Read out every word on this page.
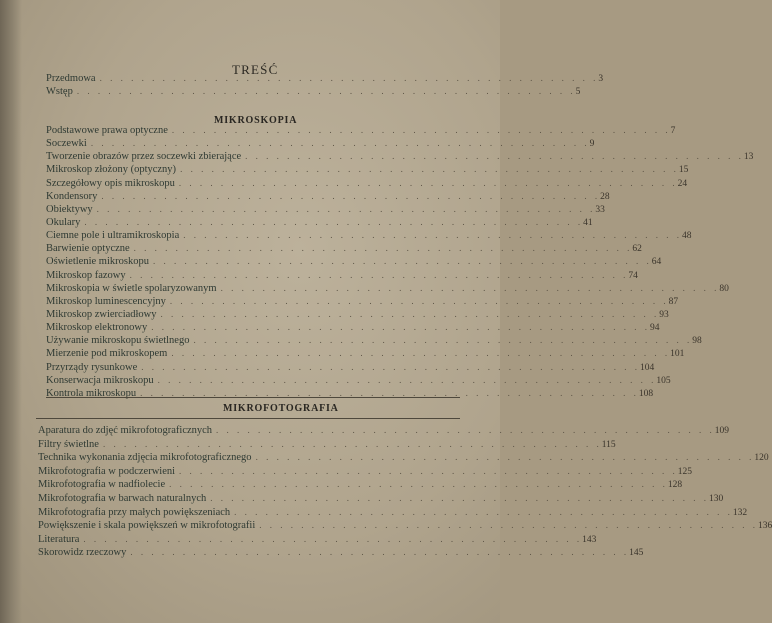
TREŚĆ
Przedmowa . . . . . . . . . . . . . . . . . . . . . . . . . . . . . . . . . . . . . . . . . . . . . . . . 3
Wstęp . . . . . . . . . . . . . . . . . . . . . . . . . . . . . . . . . . . . . . . . . . . . . . . . 5
MIKROSKOPIA
Podstawowe prawa optyczne . . . . . . . . . . . . . . . . . . . . . . . . . . . . . . . . . . . . . . . . . . . . . . . . 7
Soczewki . . . . . . . . . . . . . . . . . . . . . . . . . . . . . . . . . . . . . . . . . . . . . . . . 9
Tworzenie obrazów przez soczewki zbierające . . . . . . . . . . . . . . . . . . . . . . . . . . . . . . . . . . . . . . . . . . . . . . . . 13
Mikroskop złożony (optyczny) . . . . . . . . . . . . . . . . . . . . . . . . . . . . . . . . . . . . . . . . . . . . . . . . 15
Szczegółowy opis mikroskopu . . . . . . . . . . . . . . . . . . . . . . . . . . . . . . . . . . . . . . . . . . . . . . . . 24
Kondensory . . . . . . . . . . . . . . . . . . . . . . . . . . . . . . . . . . . . . . . . . . . . . . . . 28
Obiektywy . . . . . . . . . . . . . . . . . . . . . . . . . . . . . . . . . . . . . . . . . . . . . . . . 33
Okulary . . . . . . . . . . . . . . . . . . . . . . . . . . . . . . . . . . . . . . . . . . . . . . . . 41
Ciemne pole i ultramikroskopia . . . . . . . . . . . . . . . . . . . . . . . . . . . . . . . . . . . . . . . . . . . . . . . . 48
Barwienie optyczne . . . . . . . . . . . . . . . . . . . . . . . . . . . . . . . . . . . . . . . . . . . . . . . . 62
Oświetlenie mikroskopu . . . . . . . . . . . . . . . . . . . . . . . . . . . . . . . . . . . . . . . . . . . . . . . . 64
Mikroskop fazowy . . . . . . . . . . . . . . . . . . . . . . . . . . . . . . . . . . . . . . . . . . . . . . . . 74
Mikroskopia w świetle spolaryzowanym . . . . . . . . . . . . . . . . . . . . . . . . . . . . . . . . . . . . . . . . . . . . . . . . 80
Mikroskop luminescencyjny . . . . . . . . . . . . . . . . . . . . . . . . . . . . . . . . . . . . . . . . . . . . . . . . 87
Mikroskop zwierciadłowy . . . . . . . . . . . . . . . . . . . . . . . . . . . . . . . . . . . . . . . . . . . . . . . . 93
Mikroskop elektronowy . . . . . . . . . . . . . . . . . . . . . . . . . . . . . . . . . . . . . . . . . . . . . . . . 94
Używanie mikroskopu świetlnego . . . . . . . . . . . . . . . . . . . . . . . . . . . . . . . . . . . . . . . . . . . . . . . . 98
Mierzenie pod mikroskopem . . . . . . . . . . . . . . . . . . . . . . . . . . . . . . . . . . . . . . . . . . . . . . . . 101
Przyrządy rysunkowe . . . . . . . . . . . . . . . . . . . . . . . . . . . . . . . . . . . . . . . . . . . . . . . . 104
Konserwacja mikroskopu . . . . . . . . . . . . . . . . . . . . . . . . . . . . . . . . . . . . . . . . . . . . . . . . 105
Kontrola mikroskopu . . . . . . . . . . . . . . . . . . . . . . . . . . . . . . . . . . . . . . . . . . . . . . . . 108
MIKROFOTOGRAFIA
Aparatura do zdjęć mikrofotograficznych . . . . . . . . . . . . . . . . . . . . . . . . . . . . . . . . . . . . . . . . . . . . . . . . 109
Filtry świetlne . . . . . . . . . . . . . . . . . . . . . . . . . . . . . . . . . . . . . . . . . . . . . . . . 115
Technika wykonania zdjęcia mikrofotograficznego . . . . . . . . . . . . . . . . . . . . . . . . . . . . . . . . . . . . . . . . . . . . . . . . 120
Mikrofotografia w podczerwieni . . . . . . . . . . . . . . . . . . . . . . . . . . . . . . . . . . . . . . . . . . . . . . . . 125
Mikrofotografia w nadfiolecie . . . . . . . . . . . . . . . . . . . . . . . . . . . . . . . . . . . . . . . . . . . . . . . . 128
Mikrofotografia w barwach naturalnych . . . . . . . . . . . . . . . . . . . . . . . . . . . . . . . . . . . . . . . . . . . . . . . . 130
Mikrofotografia przy małych powiększeniach . . . . . . . . . . . . . . . . . . . . . . . . . . . . . . . . . . . . . . . . . . . . . . . . 132
Powiększenie i skala powiększeń w mikrofotografii . . . . . . . . . . . . . . . . . . . . . . . . . . . . . . . . . . . . . . . . . . . . . . . . 136
Literatura . . . . . . . . . . . . . . . . . . . . . . . . . . . . . . . . . . . . . . . . . . . . . . . . 143
Skorowidz rzeczowy . . . . . . . . . . . . . . . . . . . . . . . . . . . . . . . . . . . . . . . . . . . . . . . . 145
